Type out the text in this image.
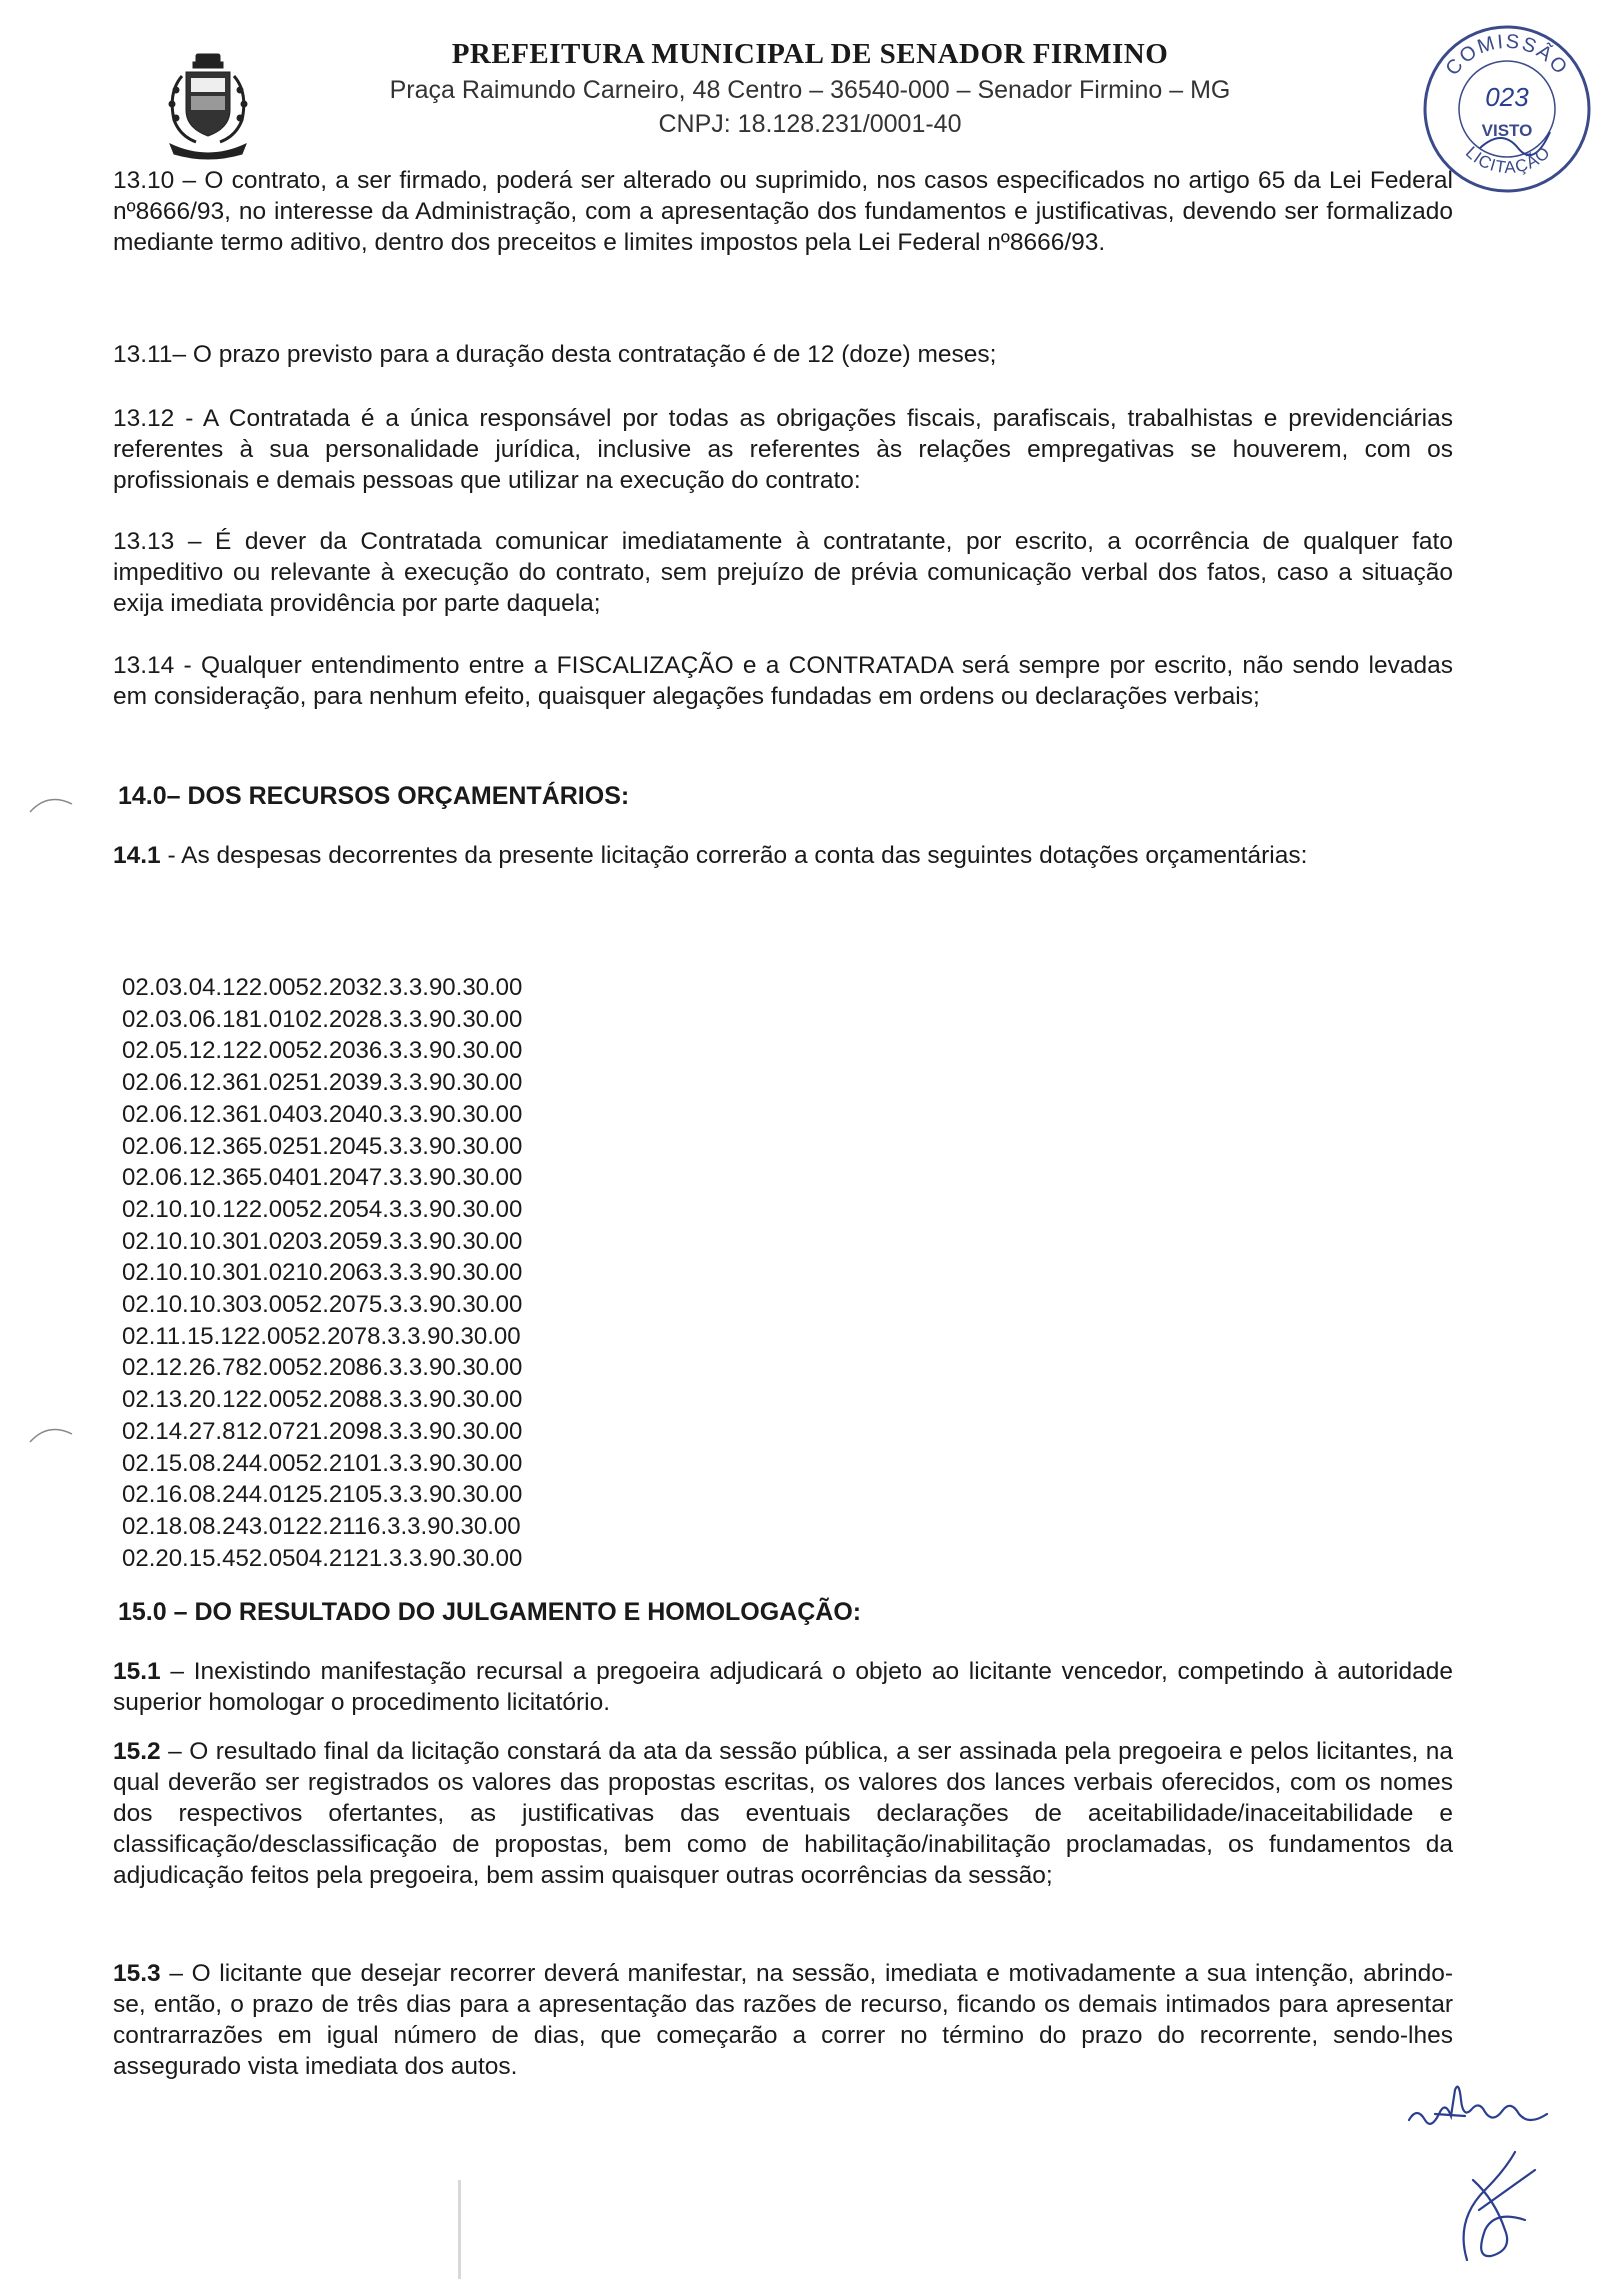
PREFEITURA MUNICIPAL DE SENADOR FIRMINO
Praça Raimundo Carneiro, 48 Centro – 36540-000 – Senador Firmino – MG
CNPJ: 18.128.231/0001-40
COMISSÃO
023
VISTO
LICITAÇÃO

13.10 – O contrato, a ser firmado, poderá ser alterado ou suprimido, nos casos especificados no artigo 65 da Lei Federal nº8666/93, no interesse da Administração, com a apresentação dos fundamentos e justificativas, devendo ser formalizado mediante termo aditivo, dentro dos preceitos e limites impostos pela Lei Federal nº8666/93.

13.11– O prazo previsto para a duração desta contratação é de 12 (doze) meses;

13.12 - A Contratada é a única responsável por todas as obrigações fiscais, parafiscais, trabalhistas e previdenciárias referentes à sua personalidade jurídica, inclusive as referentes às relações empregativas se houverem, com os profissionais e demais pessoas que utilizar na execução do contrato:

13.13 – É dever da Contratada comunicar imediatamente à contratante, por escrito, a ocorrência de qualquer fato impeditivo ou relevante à execução do contrato, sem prejuízo de prévia comunicação verbal dos fatos, caso a situação exija imediata providência por parte daquela;

13.14 - Qualquer entendimento entre a FISCALIZAÇÃO e a CONTRATADA será sempre por escrito, não sendo levadas em consideração, para nenhum efeito, quaisquer alegações fundadas em ordens ou declarações verbais;

14.0– DOS RECURSOS ORÇAMENTÁRIOS:

14.1 - As despesas decorrentes da presente licitação correrão a conta das seguintes dotações orçamentárias:

02.03.04.122.0052.2032.3.3.90.30.00
02.03.06.181.0102.2028.3.3.90.30.00
02.05.12.122.0052.2036.3.3.90.30.00
02.06.12.361.0251.2039.3.3.90.30.00
02.06.12.361.0403.2040.3.3.90.30.00
02.06.12.365.0251.2045.3.3.90.30.00
02.06.12.365.0401.2047.3.3.90.30.00
02.10.10.122.0052.2054.3.3.90.30.00
02.10.10.301.0203.2059.3.3.90.30.00
02.10.10.301.0210.2063.3.3.90.30.00
02.10.10.303.0052.2075.3.3.90.30.00
02.11.15.122.0052.2078.3.3.90.30.00
02.12.26.782.0052.2086.3.3.90.30.00
02.13.20.122.0052.2088.3.3.90.30.00
02.14.27.812.0721.2098.3.3.90.30.00
02.15.08.244.0052.2101.3.3.90.30.00
02.16.08.244.0125.2105.3.3.90.30.00
02.18.08.243.0122.2116.3.3.90.30.00
02.20.15.452.0504.2121.3.3.90.30.00
15.0 – DO RESULTADO DO JULGAMENTO E HOMOLOGAÇÃO:

15.1 – Inexistindo manifestação recursal a pregoeira adjudicará o objeto ao licitante vencedor, competindo à autoridade superior homologar o procedimento licitatório.

15.2 – O resultado final da licitação constará da ata da sessão pública, a ser assinada pela pregoeira e pelos licitantes, na qual deverão ser registrados os valores das propostas escritas, os valores dos lances verbais oferecidos, com os nomes dos respectivos ofertantes, as justificativas das eventuais declarações de aceitabilidade/inaceitabilidade e classificação/desclassificação de propostas, bem como de habilitação/inabilitação proclamadas, os fundamentos da adjudicação feitos pela pregoeira, bem assim quaisquer outras ocorrências da sessão;

15.3 – O licitante que desejar recorrer deverá manifestar, na sessão, imediata e motivadamente a sua intenção, abrindo-se, então, o prazo de três dias para a apresentação das razões de recurso, ficando os demais intimados para apresentar contrarrazões em igual número de dias, que começarão a correr no término do prazo do recorrente, sendo-lhes assegurado vista imediata dos autos.
